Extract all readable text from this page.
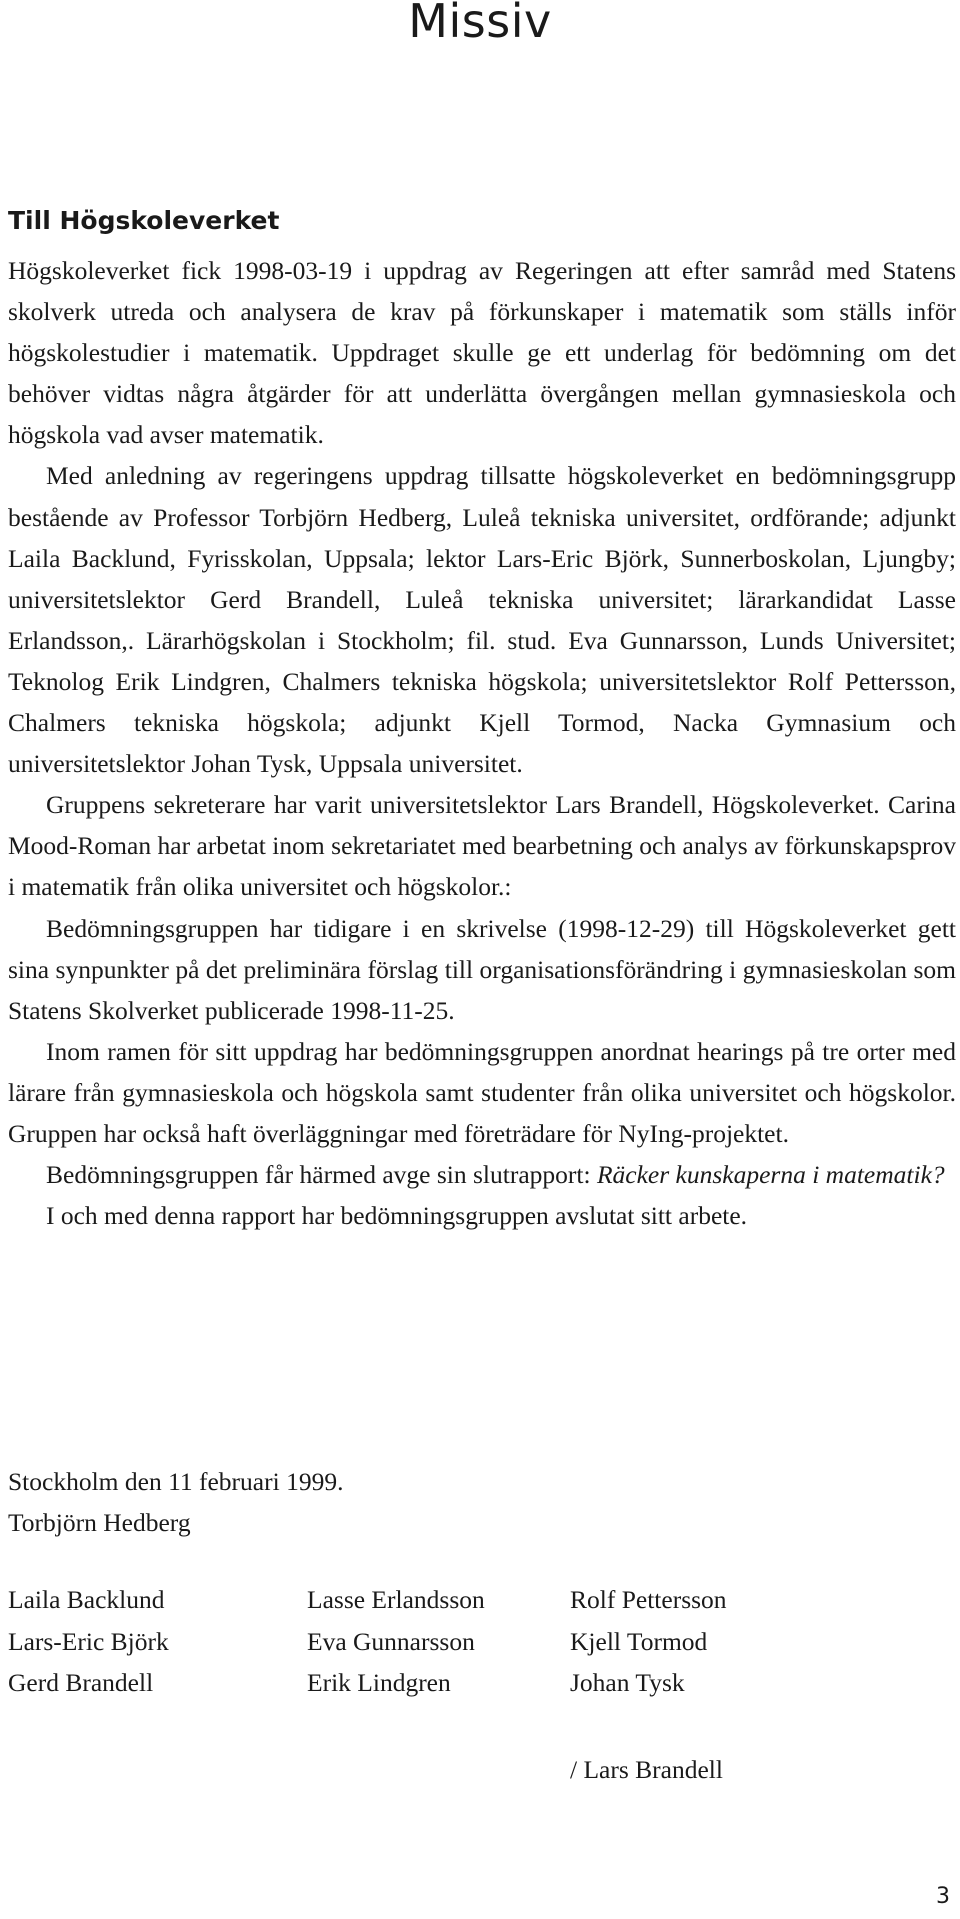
Missiv
Till Högskoleverket

Högskoleverket fick 1998-03-19 i uppdrag av Regeringen att efter samråd med Statens skolverk utreda och analysera de krav på förkunskaper i matematik som ställs inför högskolestudier i matematik. Uppdraget skulle ge ett underlag för bedömning om det behöver vidtas några åtgärder för att underlätta övergången mellan gymnasieskola och högskola vad avser matematik.

Med anledning av regeringens uppdrag tillsatte högskoleverket en bedömningsgrupp bestående av Professor Torbjörn Hedberg, Luleå tekniska universitet, ordförande; adjunkt Laila Backlund, Fyrisskolan, Uppsala; lektor Lars-Eric Björk, Sunnerboskolan, Ljungby; universitetslektor Gerd Brandell, Luleå tekniska universitet; lärarkandidat Lasse Erlandsson,. Lärarhögskolan i Stockholm; fil. stud. Eva Gunnarsson, Lunds Universitet; Teknolog Erik Lindgren, Chalmers tekniska högskola; universitetslektor Rolf Pettersson, Chalmers tekniska högskola; adjunkt Kjell Tormod, Nacka Gymnasium och universitetslektor Johan Tysk, Uppsala universitet.

Gruppens sekreterare har varit universitetslektor Lars Brandell, Högskoleverket. Carina Mood-Roman har arbetat inom sekretariatet med bearbetning och analys av förkunskapsprov i matematik från olika universitet och högskolor.:

Bedömningsgruppen har tidigare i en skrivelse (1998-12-29) till Högskoleverket gett sina synpunkter på det preliminära förslag till organisationsförändring i gymnasieskolan som Statens Skolverket publicerade 1998-11-25.

Inom ramen för sitt uppdrag har bedömningsgruppen anordnat hearings på tre orter med lärare från gymnasieskola och högskola samt studenter från olika universitet och högskolor. Gruppen har också haft överläggningar med företrädare för NyIng-projektet.

Bedömningsgruppen får härmed avge sin slutrapport: Räcker kunskaperna i matematik?

I och med denna rapport har bedömningsgruppen avslutat sitt arbete.

Stockholm den 11 februari 1999.
Torbjörn Hedberg
Laila Backlund
Lars-Eric Björk
Gerd Brandell
Lasse Erlandsson
Eva Gunnarsson
Erik Lindgren
Rolf Pettersson
Kjell Tormod
Johan Tysk
/ Lars Brandell
3
